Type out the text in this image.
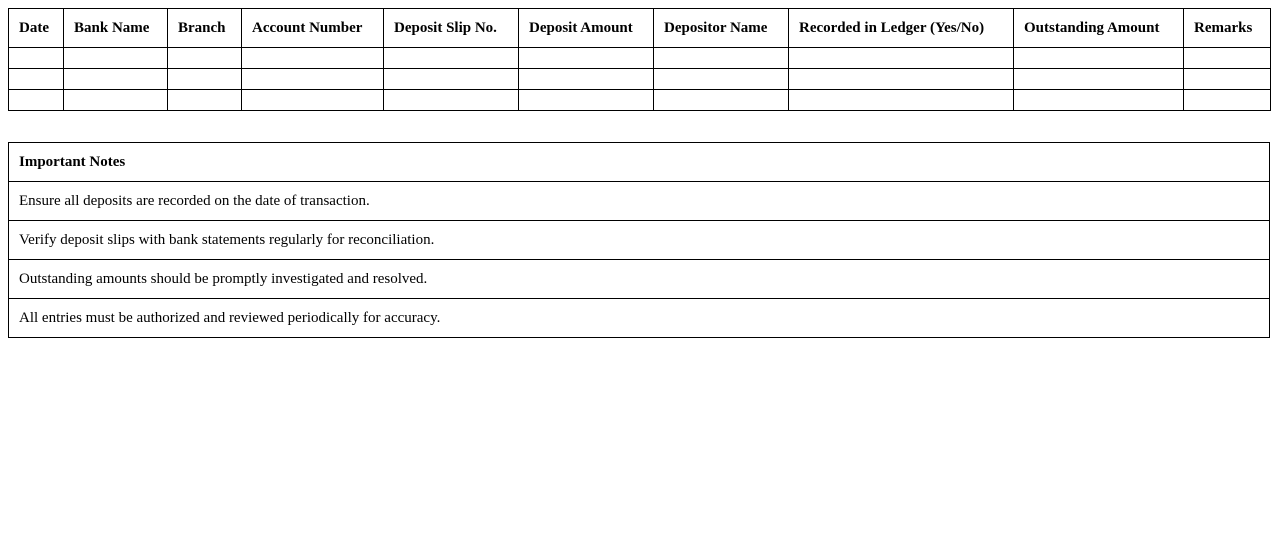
Date	Bank Name	Branch	Account Number	Deposit Slip No.	Deposit Amount	Depositor Name	Recorded in Ledger (Yes/No)	Outstanding Amount	Remarks

Important Notes
Ensure all deposits are recorded on the date of transaction.
Verify deposit slips with bank statements regularly for reconciliation.
Outstanding amounts should be promptly investigated and resolved.
All entries must be authorized and reviewed periodically for accuracy.
